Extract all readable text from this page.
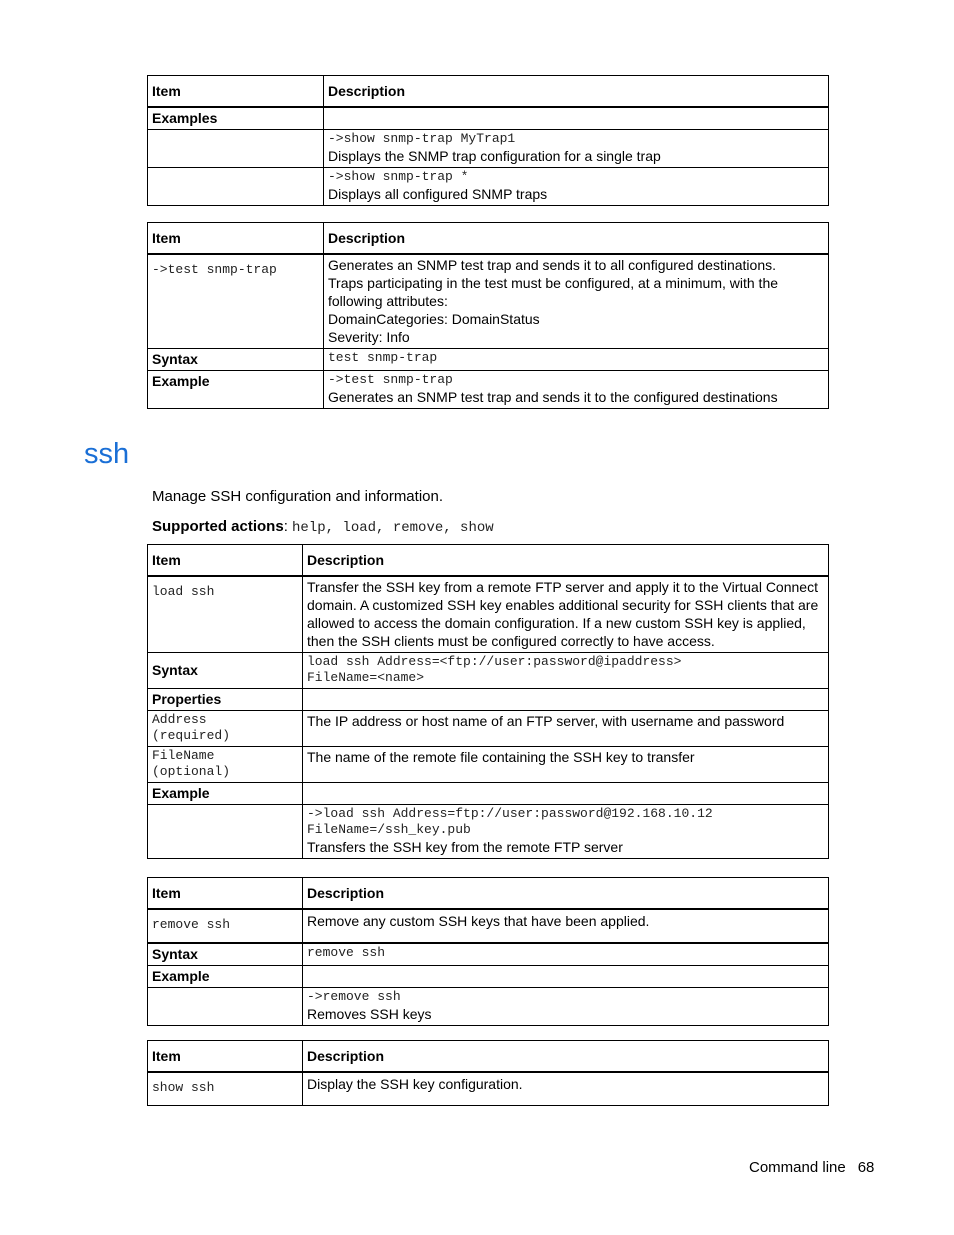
Item	Description
Examples	

	->show snmp-trap MyTrap1
Displays the SNMP trap configuration for a single trap

	->show snmp-trap *
Displays all configured SNMP traps
Item	Description
->test snmp-trap	Generates an SNMP test trap and sends it to all configured destinations.
Traps participating in the test must be configured, at a minimum, with the following attributes:
DomainCategories: DomainStatus
Severity: Info

Syntax	test snmp-trap

Example	->test snmp-trap
Generates an SNMP test trap and sends it to the configured destinations
ssh

Manage SSH configuration and information.

Supported actions: help, load, remove, show

Item	Description
load ssh	Transfer the SSH key from a remote FTP server and apply it to the Virtual Connect domain. A customized SSH key enables additional security for SSH clients that are allowed to access the domain configuration. If a new custom SSH key is applied, then the SSH clients must be configured correctly to have access.
Syntax	load ssh Address=<ftp://user:password@ipaddress>
FileName=<name>

Properties	

Address
(required)	The IP address or host name of an FTP server, with username and password

FileName
(optional)	The name of the remote file containing the SSH key to transfer
Example	

	->load ssh Address=ftp://user:password@192.168.10.12
FileName=/ssh_key.pub
Transfers the SSH key from the remote FTP server
Item	Description
remove ssh	Remove any custom SSH keys that have been applied.
Syntax	remove ssh

Example	

	->remove ssh
Removes SSH keys
Item	Description
show ssh	Display the SSH key configuration.
Command line 68
